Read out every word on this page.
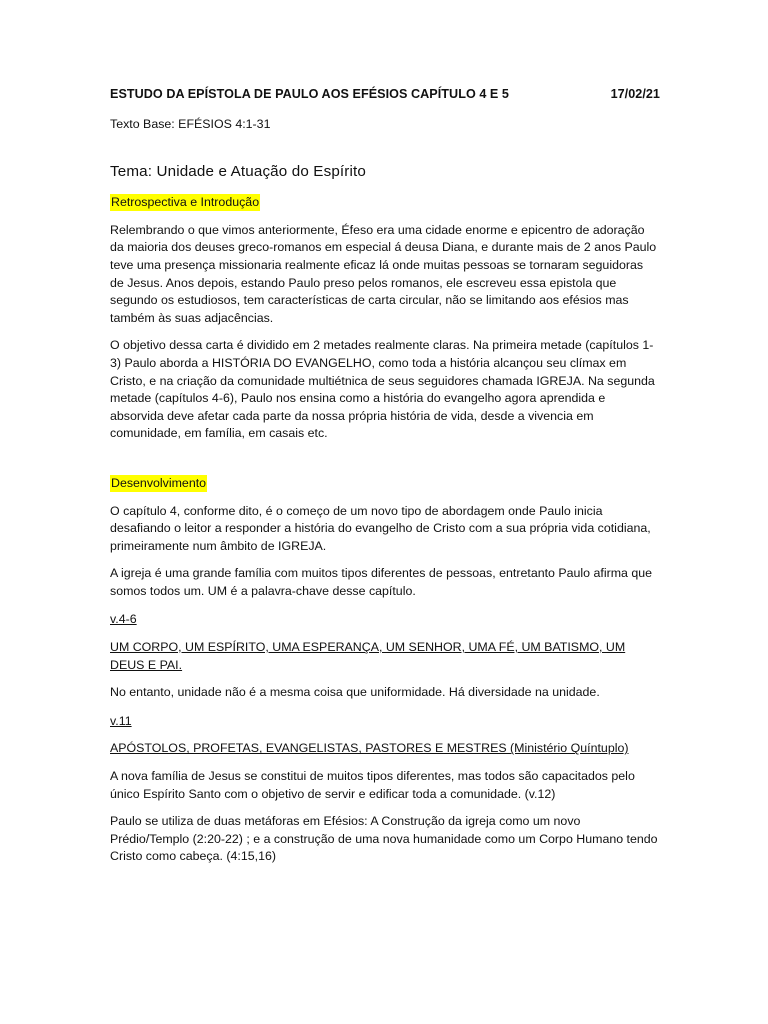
ESTUDO DA EPÍSTOLA DE PAULO AOS EFÉSIOS CAPÍTULO 4 E 5	17/02/21
Texto Base: EFÉSIOS 4:1-31
Tema: Unidade e Atuação do Espírito
Retrospectiva e Introdução

Relembrando o que vimos anteriormente, Éfeso era uma cidade enorme e epicentro de adoração da maioria dos deuses greco-romanos em especial á deusa Diana, e durante mais de 2 anos Paulo teve uma presença missionaria realmente eficaz lá onde muitas pessoas se tornaram seguidoras de Jesus. Anos depois, estando Paulo preso pelos romanos, ele escreveu essa epistola que segundo os estudiosos, tem características de carta circular, não se limitando aos efésios mas também às suas adjacências.

O objetivo dessa carta é dividido em 2 metades realmente claras. Na primeira metade (capítulos 1-3) Paulo aborda a HISTÓRIA DO EVANGELHO, como toda a história alcançou seu clímax em Cristo, e na criação da comunidade multiétnica de seus seguidores chamada IGREJA. Na segunda metade (capítulos 4-6), Paulo nos ensina como a história do evangelho agora aprendida e absorvida deve afetar cada parte da nossa própria história de vida, desde a vivencia em comunidade, em família, em casais etc.

Desenvolvimento

O capítulo 4, conforme dito, é o começo de um novo tipo de abordagem onde Paulo inicia desafiando o leitor a responder a história do evangelho de Cristo com a sua própria vida cotidiana, primeiramente num âmbito de IGREJA.

A igreja é uma grande família com muitos tipos diferentes de pessoas, entretanto Paulo afirma que somos todos um. UM é a palavra-chave desse capítulo.

v.4-6

UM CORPO, UM ESPÍRITO, UMA ESPERANÇA, UM SENHOR, UMA FÉ, UM BATISMO, UM DEUS E PAI.

No entanto, unidade não é a mesma coisa que uniformidade. Há diversidade na unidade.

v.11

APÓSTOLOS, PROFETAS, EVANGELISTAS, PASTORES E MESTRES (Ministério Quíntuplo)

A nova família de Jesus se constitui de muitos tipos diferentes, mas todos são capacitados pelo único Espírito Santo com o objetivo de servir e edificar toda a comunidade. (v.12)

Paulo se utiliza de duas metáforas em Efésios: A Construção da igreja como um novo Prédio/Templo (2:20-22) ; e a construção de uma nova humanidade como um Corpo Humano tendo Cristo como cabeça. (4:15,16)
